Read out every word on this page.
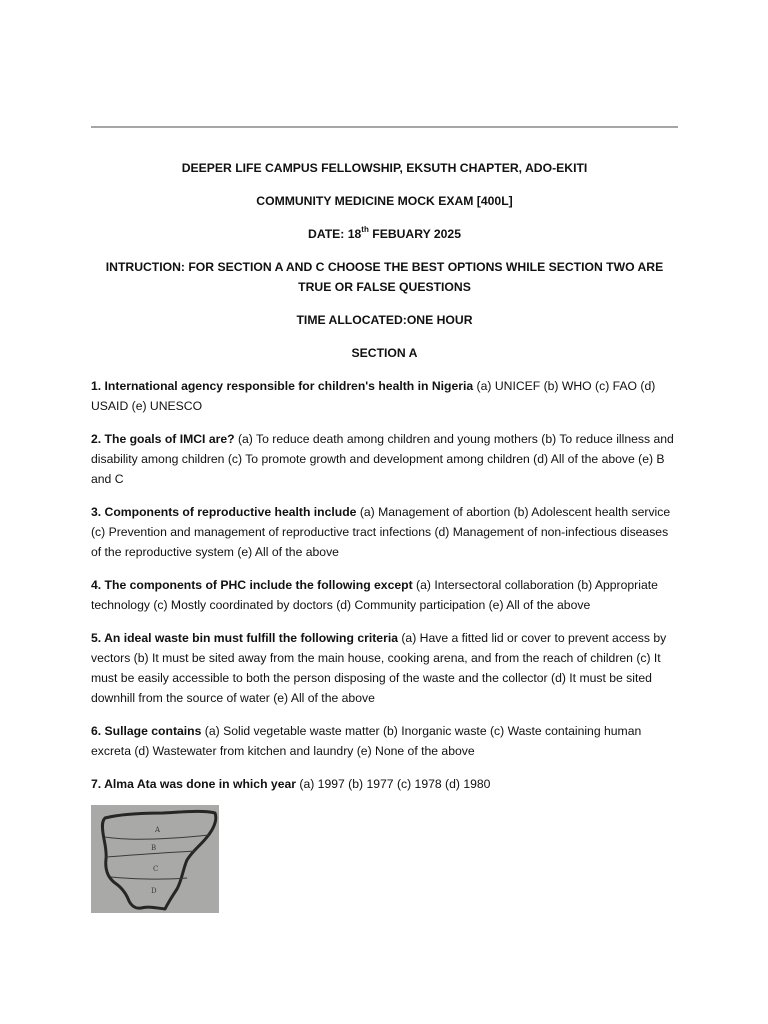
DEEPER LIFE CAMPUS FELLOWSHIP, EKSUTH CHAPTER, ADO-EKITI

COMMUNITY MEDICINE MOCK EXAM [400L]

DATE: 18th FEBUARY 2025

INTRUCTION: FOR SECTION A AND C CHOOSE THE BEST OPTIONS WHILE SECTION TWO ARE TRUE OR FALSE QUESTIONS

TIME ALLOCATED:ONE HOUR

SECTION A

1. International agency responsible for children's health in Nigeria (a) UNICEF (b) WHO (c) FAO (d) USAID (e) UNESCO

2. The goals of IMCI are? (a) To reduce death among children and young mothers (b) To reduce illness and disability among children (c) To promote growth and development among children (d) All of the above (e) B and C

3. Components of reproductive health include (a) Management of abortion (b) Adolescent health service (c) Prevention and management of reproductive tract infections (d) Management of non-infectious diseases of the reproductive system (e) All of the above

4. The components of PHC include the following except (a) Intersectoral collaboration (b) Appropriate technology (c) Mostly coordinated by doctors (d) Community participation (e) All of the above

5. An ideal waste bin must fulfill the following criteria (a) Have a fitted lid or cover to prevent access by vectors (b) It must be sited away from the main house, cooking arena, and from the reach of children (c) It must be easily accessible to both the person disposing of the waste and the collector (d) It must be sited downhill from the source of water (e) All of the above

6. Sullage contains (a) Solid vegetable waste matter (b) Inorganic waste (c) Waste containing human excreta (d) Wastewater from kitchen and laundry (e) None of the above

7. Alma Ata was done in which year (a) 1997 (b) 1977 (c) 1978 (d) 1980

A
B
C
D
